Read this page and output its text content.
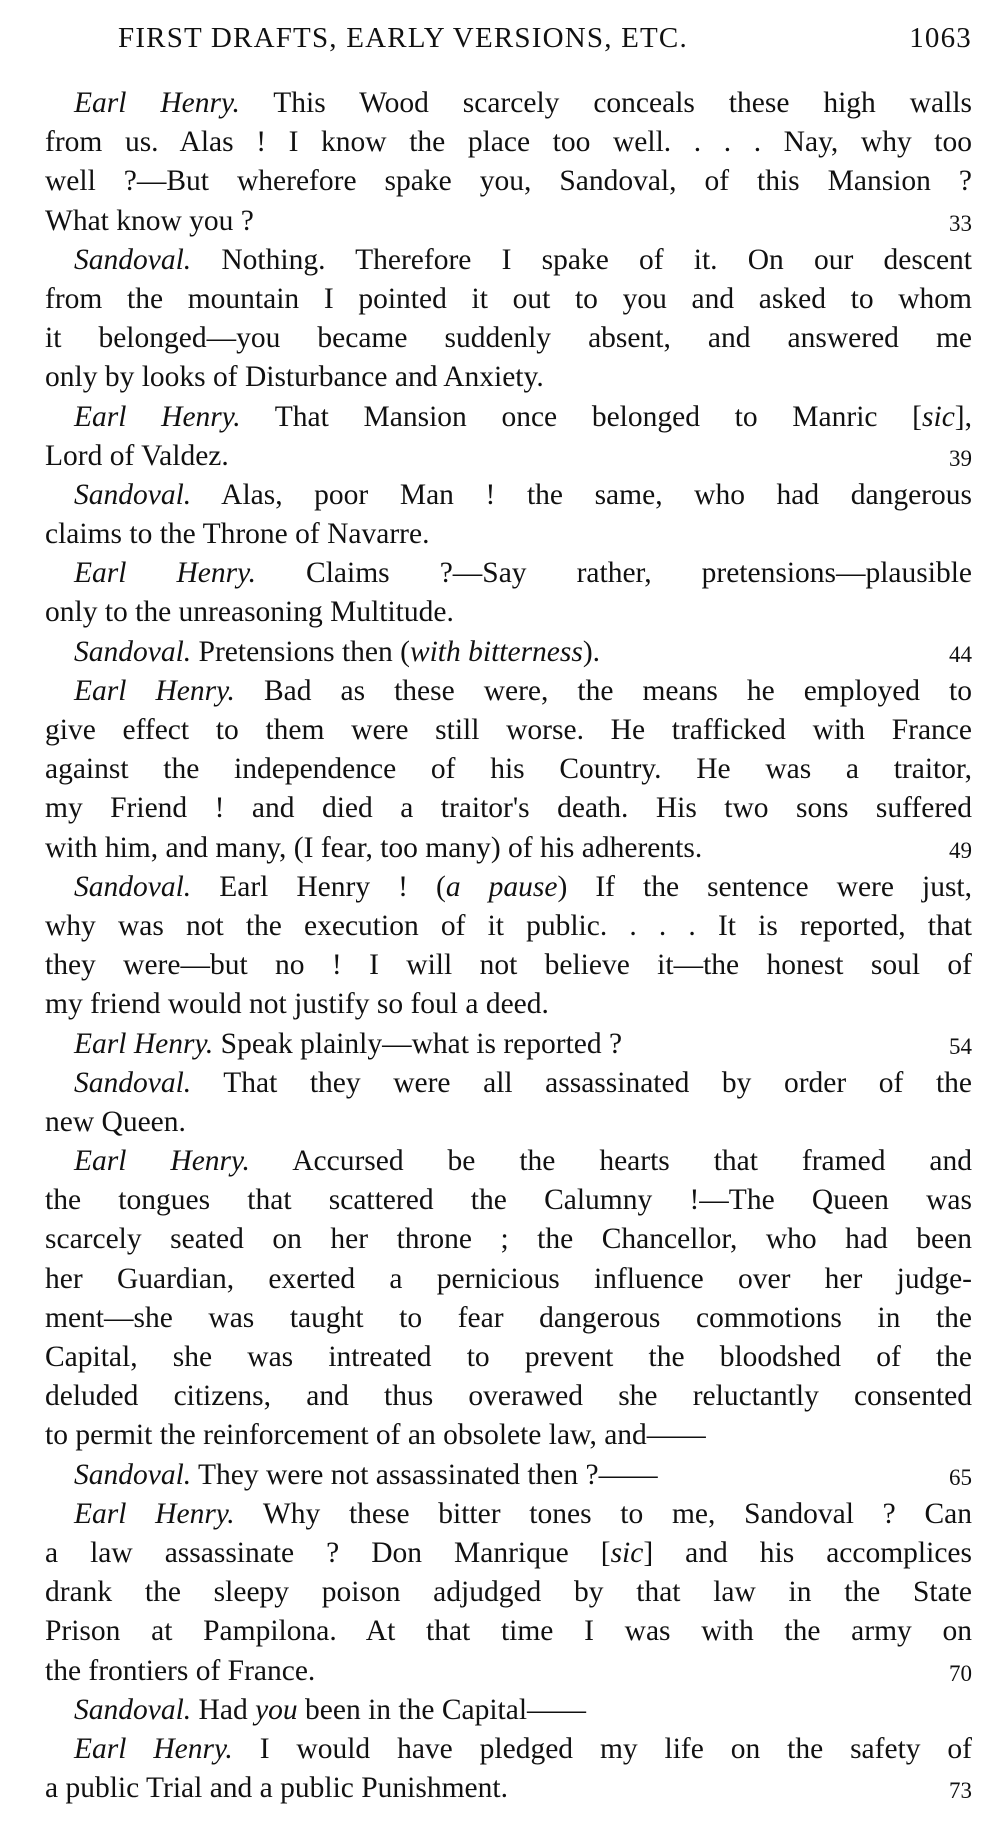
FIRST DRAFTS, EARLY VERSIONS, ETC.	1063
Earl Henry. This Wood scarcely conceals these high walls
from us. Alas ! I know the place too well. . . . Nay, why too
well ?—But wherefore spake you, Sandoval, of this Mansion ?
What know you ?	33
Sandoval. Nothing. Therefore I spake of it. On our descent
from the mountain I pointed it out to you and asked to whom
it belonged—you became suddenly absent, and answered me
only by looks of Disturbance and Anxiety.
Earl Henry. That Mansion once belonged to Manric [sic],
Lord of Valdez.	39
Sandoval. Alas, poor Man ! the same, who had dangerous
claims to the Throne of Navarre.
Earl Henry. Claims ?—Say rather, pretensions—plausible
only to the unreasoning Multitude.
Sandoval. Pretensions then (with bitterness).	44
Earl Henry. Bad as these were, the means he employed to
give effect to them were still worse. He trafficked with France
against the independence of his Country. He was a traitor,
my Friend ! and died a traitor's death. His two sons suffered
with him, and many, (I fear, too many) of his adherents.	49
Sandoval. Earl Henry ! (a pause) If the sentence were just,
why was not the execution of it public. . . . It is reported, that
they were—but no ! I will not believe it—the honest soul of
my friend would not justify so foul a deed.
Earl Henry. Speak plainly—what is reported ?	54
Sandoval. That they were all assassinated by order of the
new Queen.
Earl Henry. Accursed be the hearts that framed and
the tongues that scattered the Calumny !—The Queen was
scarcely seated on her throne ; the Chancellor, who had been
her Guardian, exerted a pernicious influence over her judge-
ment—she was taught to fear dangerous commotions in the
Capital, she was intreated to prevent the bloodshed of the
deluded citizens, and thus overawed she reluctantly consented
to permit the reinforcement of an obsolete law, and——
Sandoval. They were not assassinated then ?——	65
Earl Henry. Why these bitter tones to me, Sandoval ? Can
a law assassinate ? Don Manrique [sic] and his accomplices
drank the sleepy poison adjudged by that law in the State
Prison at Pampilona. At that time I was with the army on
the frontiers of France.	70
Sandoval. Had you been in the Capital——
Earl Henry. I would have pledged my life on the safety of
a public Trial and a public Punishment.	73
